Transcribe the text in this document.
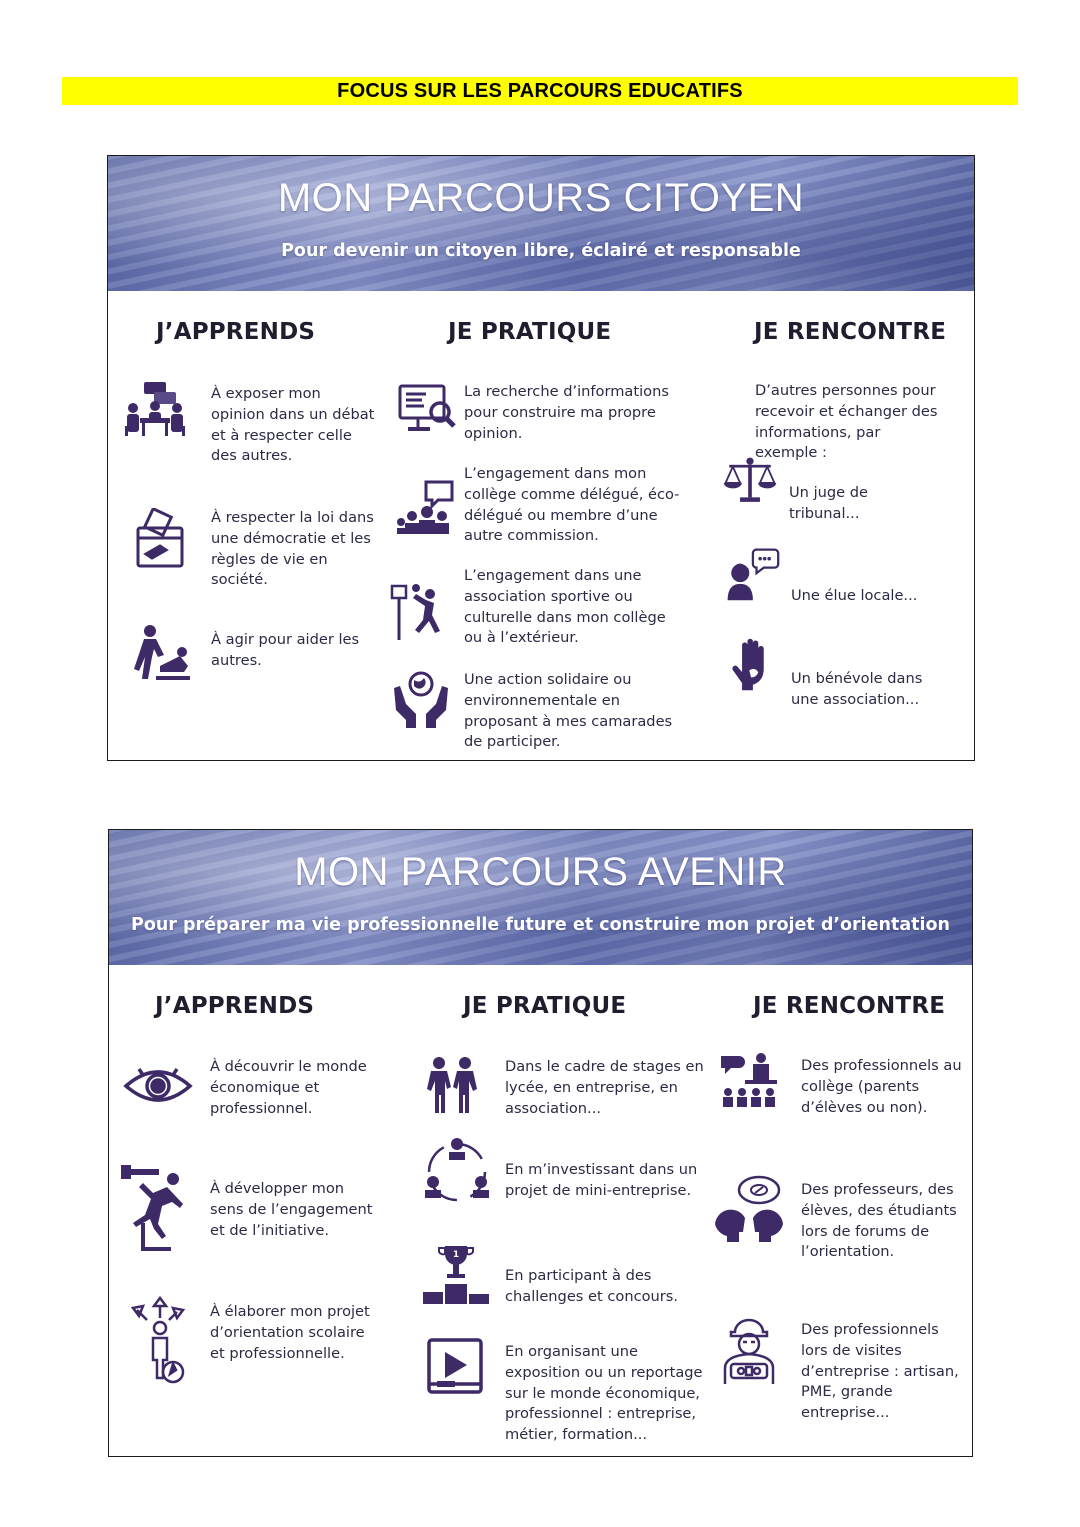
FOCUS SUR LES PARCOURS EDUCATIFS
MON PARCOURS CITOYEN
Pour devenir un citoyen libre, éclairé et responsable
J’APPRENDS	JE PRATIQUE	JE RENCONTRE
À exposer mon
opinion dans un débat
et à respecter celle
des autres.
À respecter la loi dans
une démocratie et les
règles de vie en
société.
À agir pour aider les
autres.
La recherche d’informations
pour construire ma propre
opinion.
L’engagement dans mon
collège comme délégué, éco-
délégué ou membre d’une
autre commission.
L’engagement dans une
association sportive ou
culturelle dans mon collège
ou à l’extérieur.
Une action solidaire ou
environnementale en
proposant à mes camarades
de participer.
D’autres personnes pour
recevoir et échanger des
informations, par
exemple :
Un juge de
tribunal...
Une élue locale...
Un bénévole dans
une association...
MON PARCOURS AVENIR
Pour préparer ma vie professionnelle future et construire mon projet d’orientation
J’APPRENDS	JE PRATIQUE	JE RENCONTRE
À découvrir le monde
économique et
professionnel.
À développer mon
sens de l’engagement
et de l’initiative.
À élaborer mon projet
d’orientation scolaire
et professionnelle.
Dans le cadre de stages en
lycée, en entreprise, en
association...
En m’investissant dans un
projet de mini-entreprise.
1
En participant à des
challenges et concours.
En organisant une
exposition ou un reportage
sur le monde économique,
professionnel : entreprise,
métier, formation...
Des professionnels au
collège (parents
d’élèves ou non).
Des professeurs, des
élèves, des étudiants
lors de forums de
l’orientation.
Des professionnels
lors de visites
d’entreprise : artisan,
PME, grande
entreprise...
